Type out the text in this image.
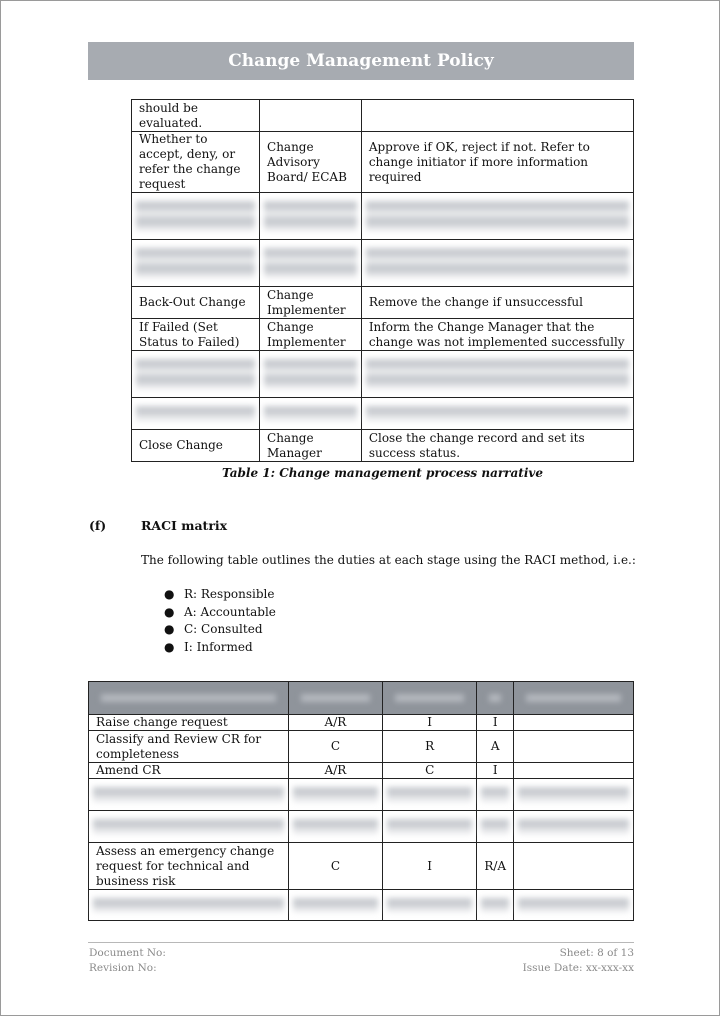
Change Management Policy
should be evaluated.		
Whether to accept, deny, or refer the change request	Change Advisory Board/ ECAB	Approve if OK, reject if not. Refer to change initiator if more information required

Back-Out Change	Change Implementer	Remove the change if unsuccessful
If Failed (Set Status to Failed)	Change Implementer	Inform the Change Manager that the change was not implemented successfully

Close Change	Change Manager	Close the change record and set its success status.
Table 1: Change management process narrative
(f)	RACI matrix
The following table outlines the duties at each stage using the RACI method, i.e.:
● R: Responsible
● A: Accountable
● C: Consulted
● I: Informed

Raise change request	A/R	I	I	
Classify and Review CR for completeness	C	R	A	
Amend CR	A/R	C	I	

Assess an emergency change request for technical and business risk	C	I	R/A	

Document No:
Revision No:
Sheet: 8 of 13
Issue Date: xx-xxx-xx
